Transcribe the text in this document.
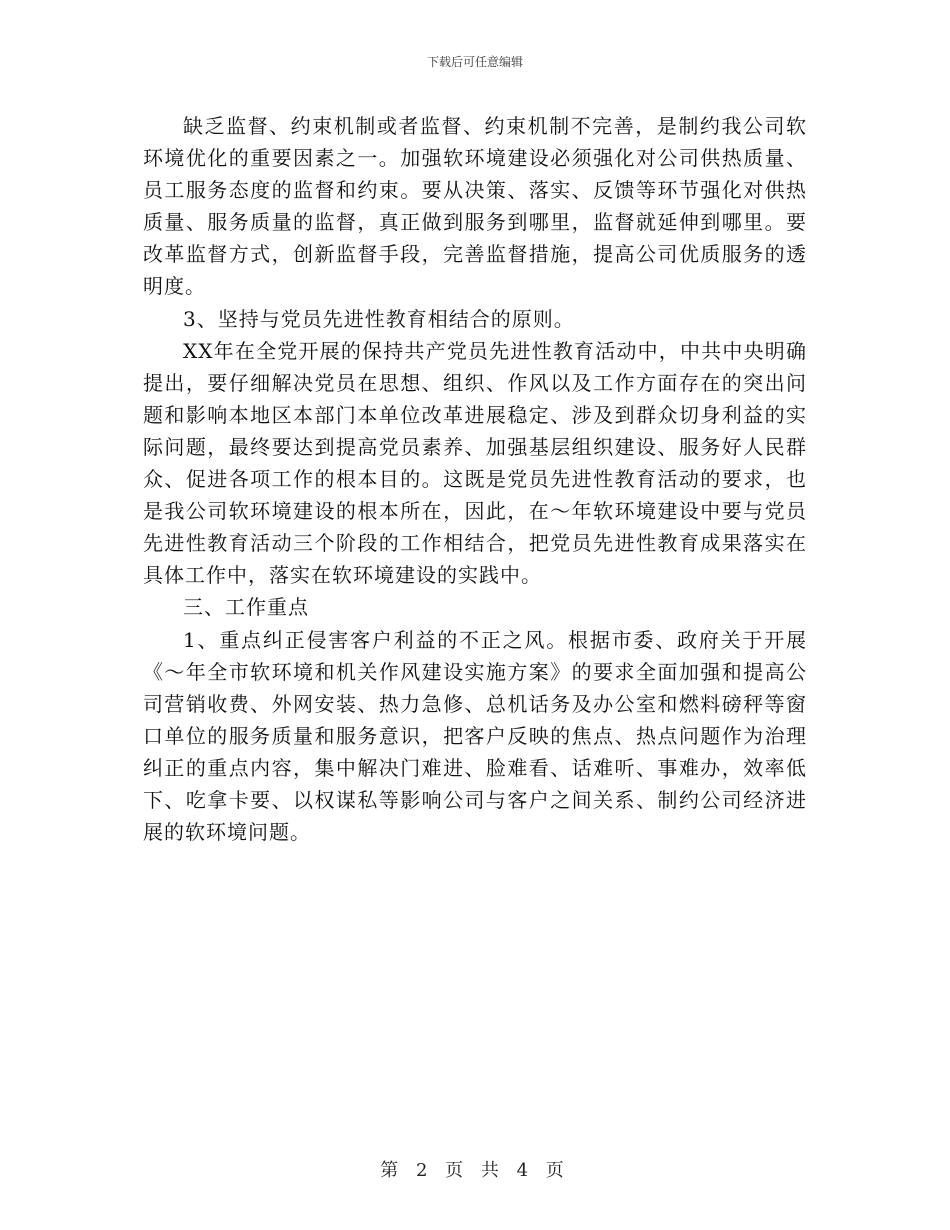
下载后可任意编辑

缺乏监督、约束机制或者监督、约束机制不完善，是制约我公司软环境优化的重要因素之一。加强软环境建设必须强化对公司供热质量、员工服务态度的监督和约束。要从决策、落实、反馈等环节强化对供热质量、服务质量的监督，真正做到服务到哪里，监督就延伸到哪里。要改革监督方式，创新监督手段，完善监督措施，提高公司优质服务的透明度。

3、坚持与党员先进性教育相结合的原则。

XX年在全党开展的保持共产党员先进性教育活动中，中共中央明确提出，要仔细解决党员在思想、组织、作风以及工作方面存在的突出问题和影响本地区本部门本单位改革进展稳定、涉及到群众切身利益的实际问题，最终要达到提高党员素养、加强基层组织建设、服务好人民群众、促进各项工作的根本目的。这既是党员先进性教育活动的要求，也是我公司软环境建设的根本所在，因此，在～年软环境建设中要与党员先进性教育活动三个阶段的工作相结合，把党员先进性教育成果落实在具体工作中，落实在软环境建设的实践中。

三、工作重点

1、重点纠正侵害客户利益的不正之风。根据市委、政府关于开展《～年全市软环境和机关作风建设实施方案》的要求全面加强和提高公司营销收费、外网安装、热力急修、总机话务及办公室和燃料磅秤等窗口单位的服务质量和服务意识，把客户反映的焦点、热点问题作为治理纠正的重点内容，集中解决门难进、脸难看、话难听、事难办，效率低下、吃拿卡要、以权谋私等影响公司与客户之间关系、制约公司经济进展的软环境问题。

第 2 页 共 4 页
